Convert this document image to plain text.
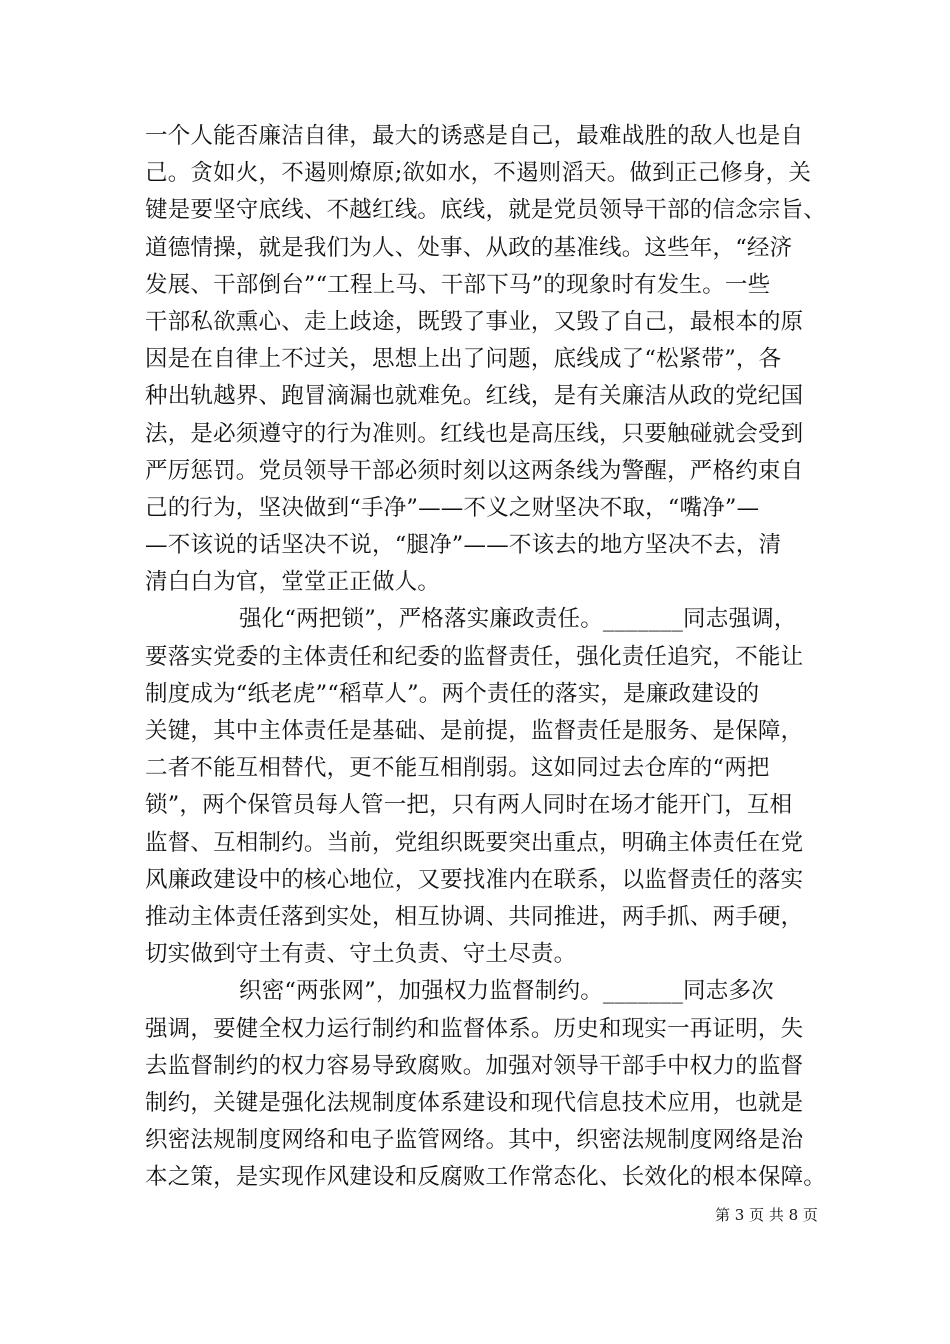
一个人能否廉洁自律，最大的诱惑是自己，最难战胜的敌人也是自
己。贪如火，不遏则燎原;欲如水，不遏则滔天。做到正己修身，关
键是要坚守底线、不越红线。底线，就是党员领导干部的信念宗旨、
道德情操，就是我们为人、处事、从政的基准线。这些年，“经济
发展、干部倒台”“工程上马、干部下马”的现象时有发生。一些
干部私欲熏心、走上歧途，既毁了事业，又毁了自己，最根本的原
因是在自律上不过关，思想上出了问题，底线成了“松紧带”，各
种出轨越界、跑冒滴漏也就难免。红线，是有关廉洁从政的党纪国
法，是必须遵守的行为准则。红线也是高压线，只要触碰就会受到
严厉惩罚。党员领导干部必须时刻以这两条线为警醒，严格约束自
己的行为，坚决做到“手净”——不义之财坚决不取，“嘴净”—
—不该说的话坚决不说，“腿净”——不该去的地方坚决不去，清
清白白为官，堂堂正正做人。
强化“两把锁”，严格落实廉政责任。_______同志强调，
要落实党委的主体责任和纪委的监督责任，强化责任追究，不能让
制度成为“纸老虎”“稻草人”。两个责任的落实，是廉政建设的
关键，其中主体责任是基础、是前提，监督责任是服务、是保障，
二者不能互相替代，更不能互相削弱。这如同过去仓库的“两把
锁”，两个保管员每人管一把，只有两人同时在场才能开门，互相
监督、互相制约。当前，党组织既要突出重点，明确主体责任在党
风廉政建设中的核心地位，又要找准内在联系，以监督责任的落实
推动主体责任落到实处，相互协调、共同推进，两手抓、两手硬，
切实做到守土有责、守土负责、守土尽责。
织密“两张网”，加强权力监督制约。_______同志多次
强调，要健全权力运行制约和监督体系。历史和现实一再证明，失
去监督制约的权力容易导致腐败。加强对领导干部手中权力的监督
制约，关键是强化法规制度体系建设和现代信息技术应用，也就是
织密法规制度网络和电子监管网络。其中，织密法规制度网络是治
本之策，是实现作风建设和反腐败工作常态化、长效化的根本保障。
第 3 页 共 8 页
